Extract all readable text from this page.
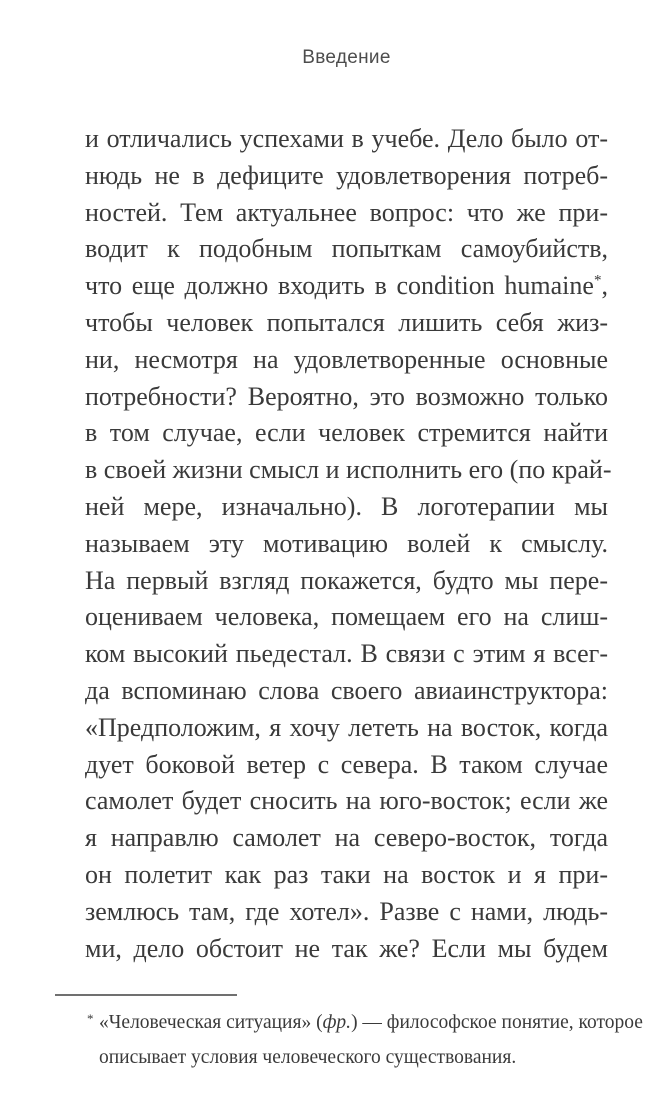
Введение
и отличались успехами в учебе. Дело было от-
нюдь не в дефиците удовлетворения потреб-
ностей. Тем актуальнее вопрос: что же при-
водит к подобным попыткам самоубийств,
что еще должно входить в condition humaine*,
чтобы человек попытался лишить себя жиз-
ни, несмотря на удовлетворенные основные
потребности? Вероятно, это возможно только
в том случае, если человек стремится найти
в своей жизни смысл и исполнить его (по край-
ней мере, изначально). В логотерапии мы
называем эту мотивацию волей к смыслу.
На первый взгляд покажется, будто мы пере-
оцениваем человека, помещаем его на слиш-
ком высокий пьедестал. В связи с этим я всег-
да вспоминаю слова своего авиаинструктора:
«Предположим, я хочу лететь на восток, когда
дует боковой ветер с севера. В таком случае
самолет будет сносить на юго-восток; если же
я направлю самолет на северо-восток, тогда
он полетит как раз таки на восток и я при-
землюсь там, где хотел». Разве с нами, людь-
ми, дело обстоит не так же? Если мы будем
* «Человеческая ситуация» (фр.) — философское понятие, которое
описывает условия человеческого существования.
